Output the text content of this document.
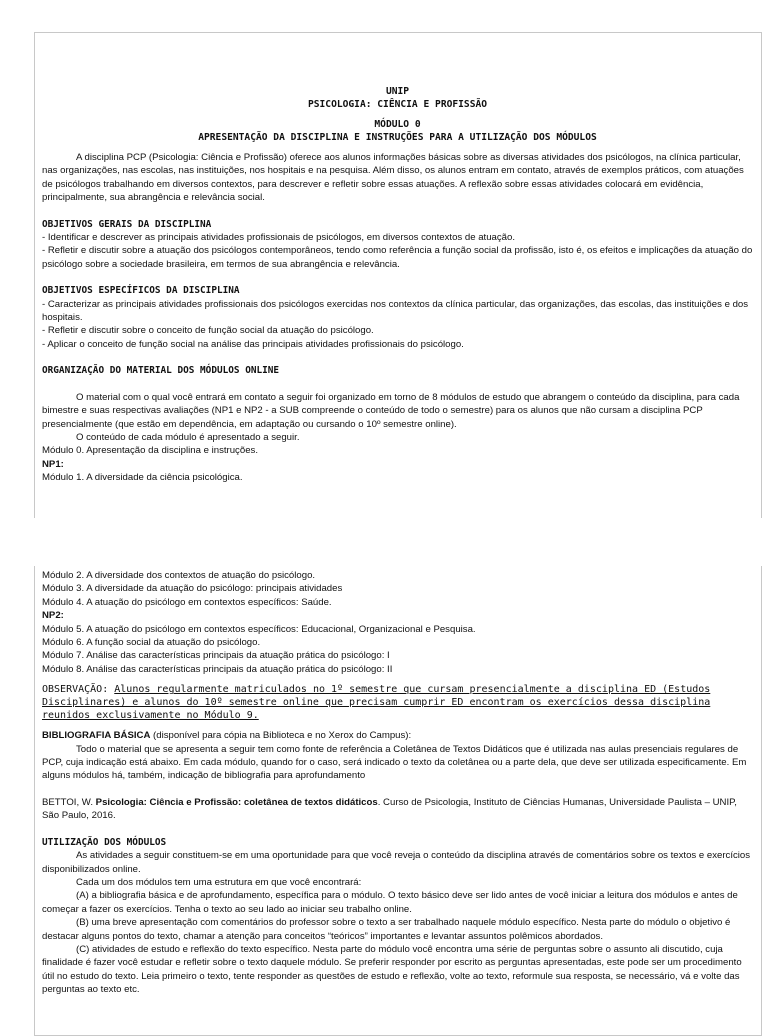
UNIP
PSICOLOGIA: CIÊNCIA E PROFISSÃO
MÓDULO 0
APRESENTAÇÃO DA DISCIPLINA E INSTRUÇÕES PARA A UTILIZAÇÃO DOS MÓDULOS

A disciplina PCP (Psicologia: Ciência e Profissão) oferece aos alunos informações básicas sobre as diversas atividades dos psicólogos, na clínica particular, nas organizações, nas escolas, nas instituições, nos hospitais e na pesquisa. Além disso, os alunos entram em contato, através de exemplos práticos, com atuações de psicólogos trabalhando em diversos contextos, para descrever e refletir sobre essas atuações. A reflexão sobre essas atividades colocará em evidência, principalmente, sua abrangência e relevância social.

OBJETIVOS GERAIS DA DISCIPLINA

- Identificar e descrever as principais atividades profissionais de psicólogos, em diversos contextos de atuação.

- Refletir e discutir sobre a atuação dos psicólogos contemporâneos, tendo como referência a função social da profissão, isto é, os efeitos e implicações da atuação do psicólogo sobre a sociedade brasileira, em termos de sua abrangência e relevância.

OBJETIVOS ESPECÍFICOS DA DISCIPLINA

- Caracterizar as principais atividades profissionais dos psicólogos exercidas nos contextos da clínica particular, das organizações, das escolas, das instituições e dos hospitais.

- Refletir e discutir sobre o conceito de função social da atuação do psicólogo.

- Aplicar o conceito de função social na análise das principais atividades profissionais do psicólogo.

ORGANIZAÇÃO DO MATERIAL DOS MÓDULOS ONLINE

O material com o qual você entrará em contato a seguir foi organizado em torno de 8 módulos de estudo que abrangem o conteúdo da disciplina, para cada bimestre e suas respectivas avaliações (NP1 e NP2 - a SUB compreende o conteúdo de todo o semestre) para os alunos que não cursam a disciplina PCP presencialmente (que estão em dependência, em adaptação ou cursando o 10º semestre online).

O conteúdo de cada módulo é apresentado a seguir.

Módulo 0. Apresentação da disciplina e instruções.

NP1:

Módulo 1. A diversidade da ciência psicológica.

Módulo 2. A diversidade dos contextos de atuação do psicólogo.

Módulo 3. A diversidade da atuação do psicólogo: principais atividades

Módulo 4. A atuação do psicólogo em contextos específicos: Saúde.

NP2:

Módulo 5. A atuação do psicólogo em contextos específicos: Educacional, Organizacional e Pesquisa.

Módulo 6. A função social da atuação do psicólogo.

Módulo 7. Análise das características principais da atuação prática do psicólogo: I

Módulo 8. Análise das características principais da atuação prática do psicólogo: II

OBSERVAÇÃO: Alunos regularmente matriculados no 1º semestre que cursam presencialmente a disciplina ED (Estudos Disciplinares) e alunos do 10º semestre online que precisam cumprir ED encontram os exercícios dessa disciplina reunidos exclusivamente no Módulo 9.

BIBLIOGRAFIA BÁSICA (disponível para cópia na Biblioteca e no Xerox do Campus):

Todo o material que se apresenta a seguir tem como fonte de referência a Coletânea de Textos Didáticos que é utilizada nas aulas presenciais regulares de PCP, cuja indicação está abaixo. Em cada módulo, quando for o caso, será indicado o texto da coletânea ou a parte dela, que deve ser utilizada especificamente. Em alguns módulos há, também, indicação de bibliografia para aprofundamento

BETTOI, W. Psicologia: Ciência e Profissão: coletânea de textos didáticos. Curso de Psicologia, Instituto de Ciências Humanas, Universidade Paulista – UNIP, São Paulo, 2016.

UTILIZAÇÃO DOS MÓDULOS

As atividades a seguir constituem-se em uma oportunidade para que você reveja o conteúdo da disciplina através de comentários sobre os textos e exercícios disponibilizados online.

Cada um dos módulos tem uma estrutura em que você encontrará:

(A) a bibliografia básica e de aprofundamento, específica para o módulo. O texto básico deve ser lido antes de você iniciar a leitura dos módulos e antes de começar a fazer os exercícios. Tenha o texto ao seu lado ao iniciar seu trabalho online.

(B) uma breve apresentação com comentários do professor sobre o texto a ser trabalhado naquele módulo específico. Nesta parte do módulo o objetivo é destacar alguns pontos do texto, chamar a atenção para conceitos “teóricos” importantes e levantar assuntos polêmicos abordados.

(C) atividades de estudo e reflexão do texto específico. Nesta parte do módulo você encontra uma série de perguntas sobre o assunto ali discutido, cuja finalidade é fazer você estudar e refletir sobre o texto daquele módulo. Se preferir responder por escrito as perguntas apresentadas, este pode ser um procedimento útil no estudo do texto. Leia primeiro o texto, tente responder as questões de estudo e reflexão, volte ao texto, reformule sua resposta, se necessário, vá e volte das perguntas ao texto etc.
